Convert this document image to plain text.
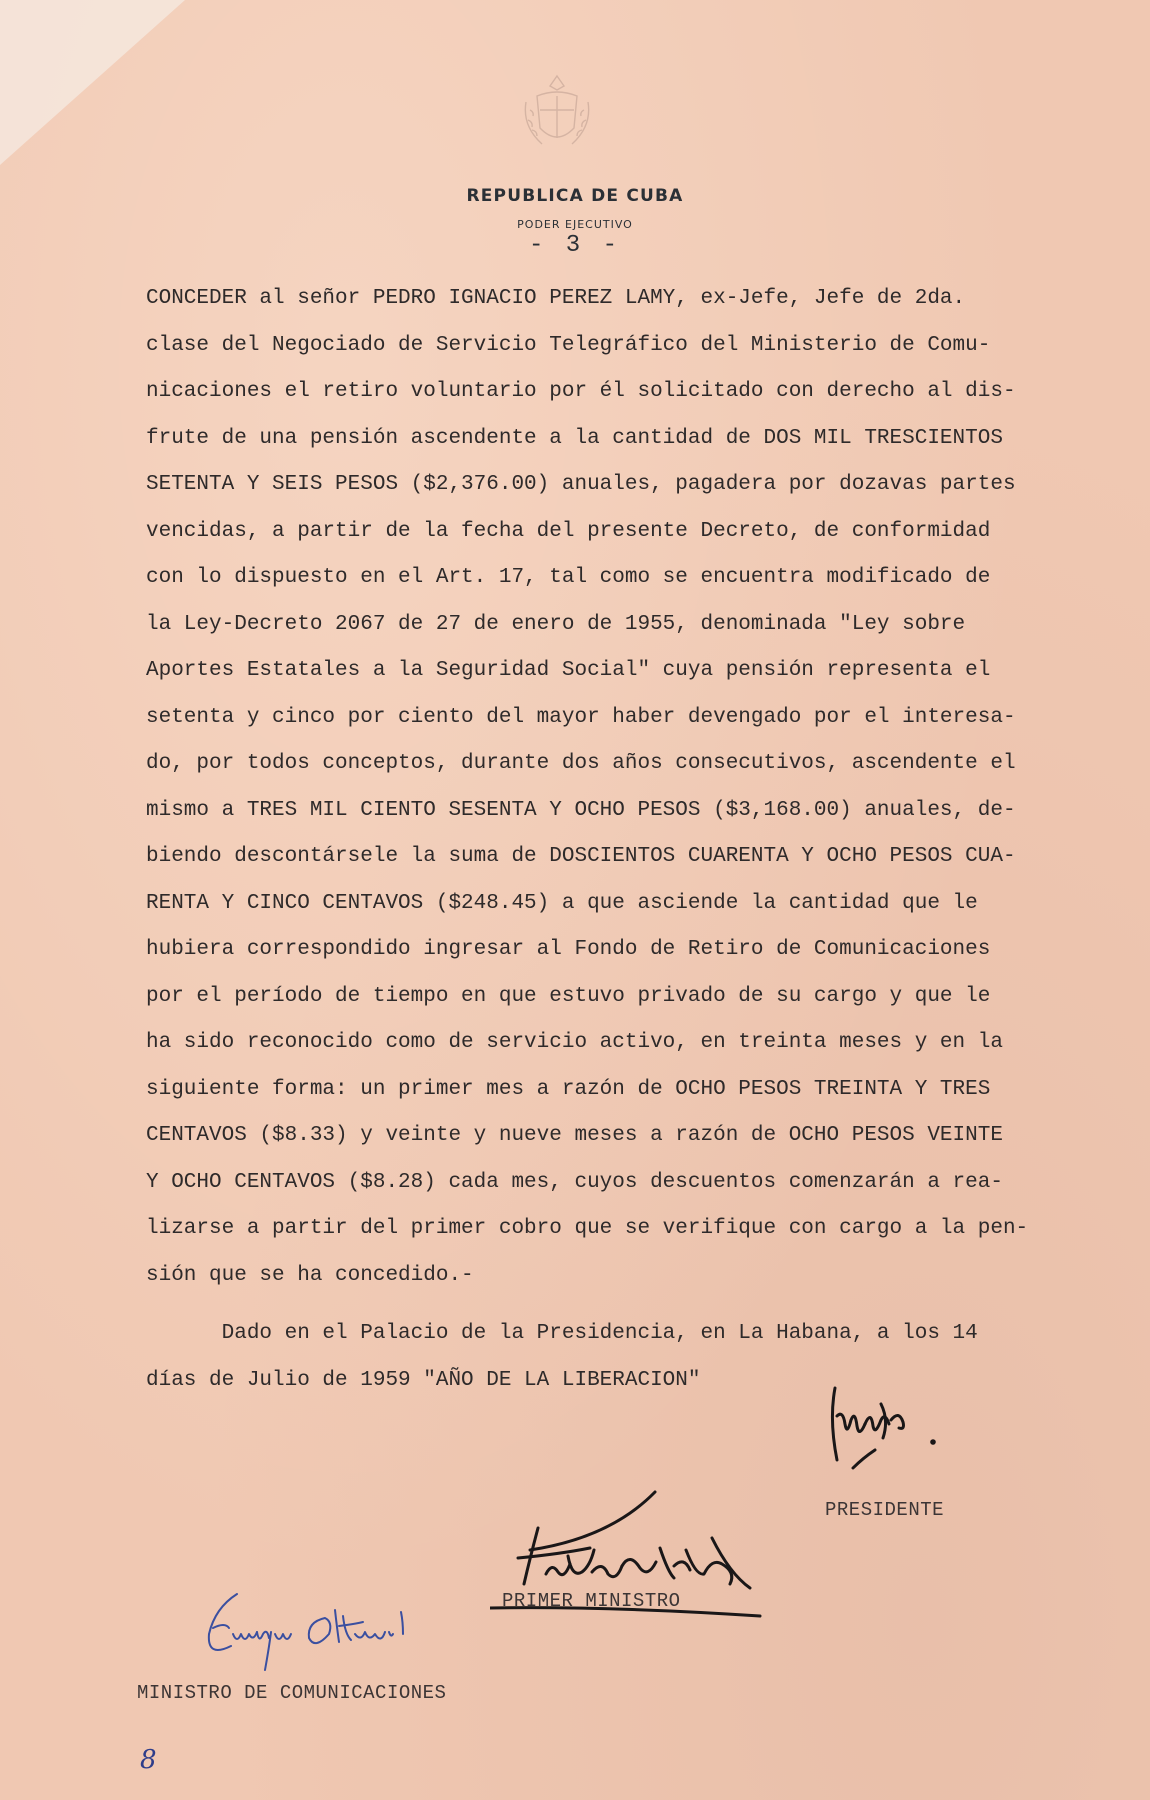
REPUBLICA DE CUBA
PODER EJECUTIVO
- 3 -
CONCEDER al señor PEDRO IGNACIO PEREZ LAMY, ex-Jefe, Jefe de 2da.
clase del Negociado de Servicio Telegráfico del Ministerio de Comu-
nicaciones el retiro voluntario por él solicitado con derecho al dis-
frute de una pensión ascendente a la cantidad de DOS MIL TRESCIENTOS
SETENTA Y SEIS PESOS ($2,376.00) anuales, pagadera por dozavas partes
vencidas, a partir de la fecha del presente Decreto, de conformidad
con lo dispuesto en el Art. 17, tal como se encuentra modificado de
la Ley-Decreto 2067 de 27 de enero de 1955, denominada "Ley sobre
Aportes Estatales a la Seguridad Social" cuya pensión representa el
setenta y cinco por ciento del mayor haber devengado por el interesa-
do, por todos conceptos, durante dos años consecutivos, ascendente el
mismo a TRES MIL CIENTO SESENTA Y OCHO PESOS ($3,168.00) anuales, de-
biendo descontársele la suma de DOSCIENTOS CUARENTA Y OCHO PESOS CUA-
RENTA Y CINCO CENTAVOS ($248.45) a que asciende la cantidad que le
hubiera correspondido ingresar al Fondo de Retiro de Comunicaciones
por el período de tiempo en que estuvo privado de su cargo y que le
ha sido reconocido como de servicio activo, en treinta meses y en la
siguiente forma: un primer mes a razón de OCHO PESOS TREINTA Y TRES
CENTAVOS ($8.33) y veinte y nueve meses a razón de OCHO PESOS VEINTE
Y OCHO CENTAVOS ($8.28) cada mes, cuyos descuentos comenzarán a rea-
lizarse a partir del primer cobro que se verifique con cargo a la pen-
sión que se ha concedido.-
Dado en el Palacio de la Presidencia, en La Habana, a los 14
días de Julio de 1959 "AÑO DE LA LIBERACION"
PRESIDENTE
PRIMER MINISTRO
MINISTRO DE COMUNICACIONES
8
